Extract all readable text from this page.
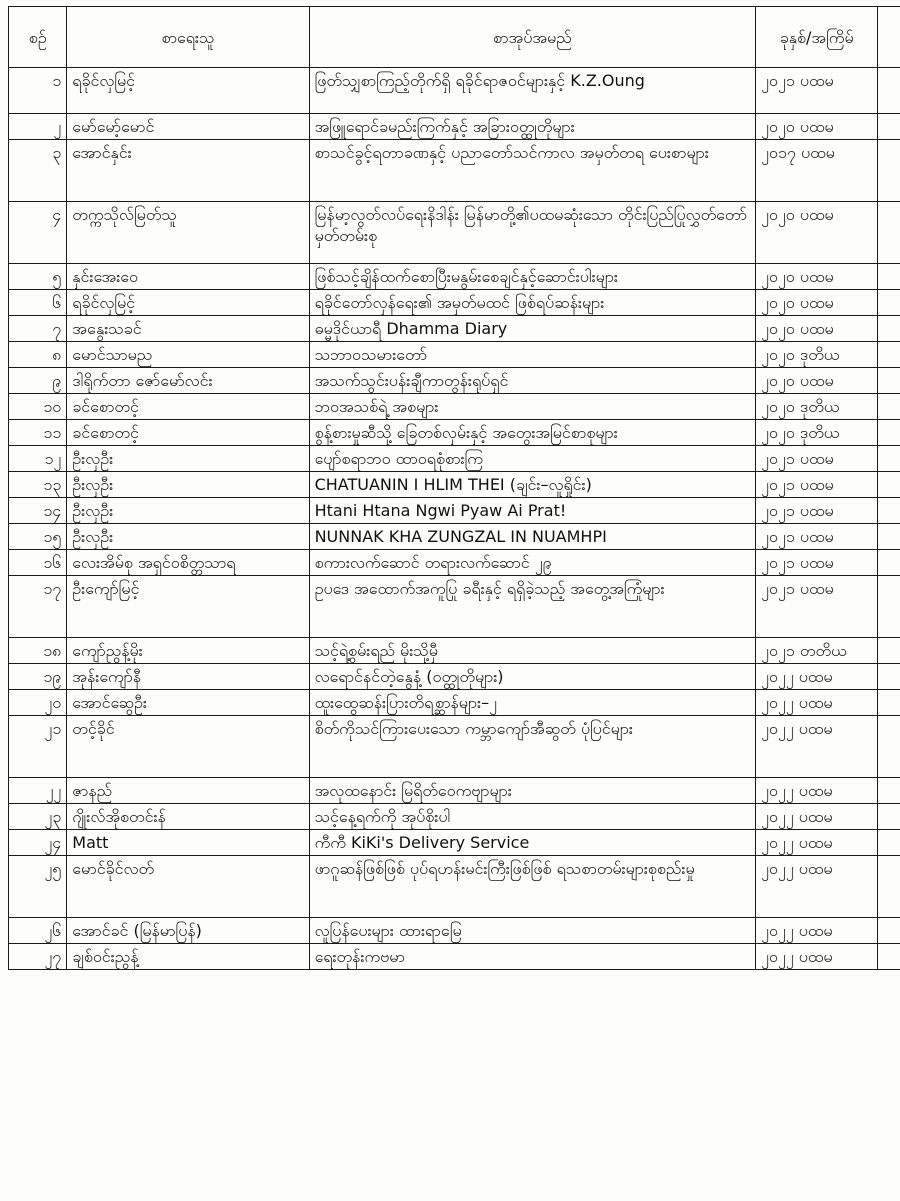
စဉ်	စာရေးသူ	စာအုပ်အမည်	ခုနှစ်/အကြိမ်	
၁	ရခိုင်လှမြင့်	ဖြတ်သျှစာကြည့်တိုက်ရှိ ရခိုင်ရာဇဝင်များနှင့် K.Z.Oung	၂၀၂၁ ပထမ	
၂	မော်မော့်မောင်	အဖြူရောင်ခမည်းကြက်နှင့် အခြားဝတ္ထုတိုများ	၂၀၂၀ ပထမ	
၃	အောင်နှင်း	စာသင်ခွင့်ရတာခဏနှင့် ပညာတော်သင်ကာလ အမှတ်တရ ပေးစာများ	၂၀၁၇ ပထမ	
၄	တက္ကသိုလ်မြတ်သူ	မြန်မာ့လွတ်လပ်ရေးနိဒါန်း မြန်မာတို့၏ပထမဆုံးသော တိုင်းပြည်ပြုလွှတ်တော်မှတ်တမ်းစု	၂၀၂၀ ပထမ	
၅	နှင်းအေးဝေ	ဖြစ်သင့်ချိန်ထက်စောပြီးမနွမ်းစေချင်နှင့်ဆောင်းပါးများ	၂၀၂၀ ပထမ	
၆	ရခိုင်လှမြင့်	ရခိုင်တော်လှန်ရေး၏ အမှတ်မထင် ဖြစ်ရပ်ဆန်းများ	၂၀၂၀ ပထမ	
၇	အနွေးသခင်	ဓမ္မဒိုင်ယာရီ Dhamma Diary	၂၀၂၀ ပထမ	
၈	မောင်သာမည	သဘာဝသမားတော်	၂၀၂၀ ဒုတိယ	
၉	ဒါရိုက်တာ ဇော်မော်လင်း	အသက်သွင်းပန်းချီကာတွန်းရုပ်ရှင်	၂၀၂၀ ပထမ	
၁၀	ခင်စောတင့်	ဘဝအသစ်ရဲ့ အစများ	၂၀၂၀ ဒုတိယ	
၁၁	ခင်စောတင့်	စွန့်စားမှုဆီသို့ ခြေတစ်လှမ်းနှင့် အတွေးအမြင်စာစုများ	၂၀၂၀ ဒုတိယ	
၁၂	ဦးလှဦး	ပျော်စရာဘဝ ထာဝရစုံစားကြ	၂၀၂၁ ပထမ	
၁၃	ဦးလှဦး	CHATUANIN I HLIM THEI (ချင်း–လူရှိုင်း)	၂၀၂၁ ပထမ	
၁၄	ဦးလှဦး	Htani Htana Ngwi Pyaw Ai Prat!	၂၀၂၁ ပထမ	
၁၅	ဦးလှဦး	NUNNAK KHA ZUNGZAL IN NUAMHPI	၂၀၂၁ ပထမ	
၁၆	လေးအိမ်စု အရှင်ဝစိတ္တသာရ	စကားလက်ဆောင် တရားလက်ဆောင် ၂၉	၂၀၂၁ ပထမ	
၁၇	ဦးကျော်မြင့်	ဥပဒေ အထောက်အကူပြု ခရီးနှင့် ရရှိခဲ့သည့် အတွေ့အကြုံများ	၂၀၂၁ ပထမ	
၁၈	ကျော်ညွန့်မိုး	သင့်ရဲ့စွမ်းရည် မိုးသို့မှီ	၂၀၂၁ တတိယ	
၁၉	အုန်းကျော်နီ	လရောင်နင်တဲ့နွေနံ့ (ဝတ္ထုတိုများ)	၂၀၂၂ ပထမ	
၂၀	အောင်ဆွေဦး	ထူးထွေဆန်းပြားတိရစ္ဆာန်များ–၂	၂၀၂၂ ပထမ	
၂၁	တင့်ခိုင်	စိတ်ကိုသင်ကြားပေးသော ကမ္ဘာကျော်အီဆွတ် ပုံပြင်များ	၂၀၂၂ ပထမ	
၂၂	ဇာနည်	အလုထနောင်း မြရိတ်ဝေကဗျာများ	၂၀၂၂ ပထမ	
၂၃	ဂျိုးလ်အိုစတင်းန်	သင့်နေ့ရက်ကို အုပ်စိုးပါ	၂၀၂၂ ပထမ	
၂၄	Matt	ကီကီ KiKi's Delivery Service	၂၀၂၂ ပထမ	
၂၅	မောင်ခိုင်လတ်	ဖာဂူဆန်ဖြစ်ဖြစ် ပုပ်ရဟန်းမင်းကြီးဖြစ်ဖြစ် ရသစာတမ်းများစုစည်းမှု	၂၀၂၂ ပထမ	
၂၆	အောင်ခင် (မြန်မာပြန်)	လူပြန်ပေးများ ထားရာမြေ	၂၀၂၂ ပထမ	
၂၇	ချစ်ဝင်းညွန့်	ရေးတုန်းကဗမာ	၂၀၂၂ ပထမ	
